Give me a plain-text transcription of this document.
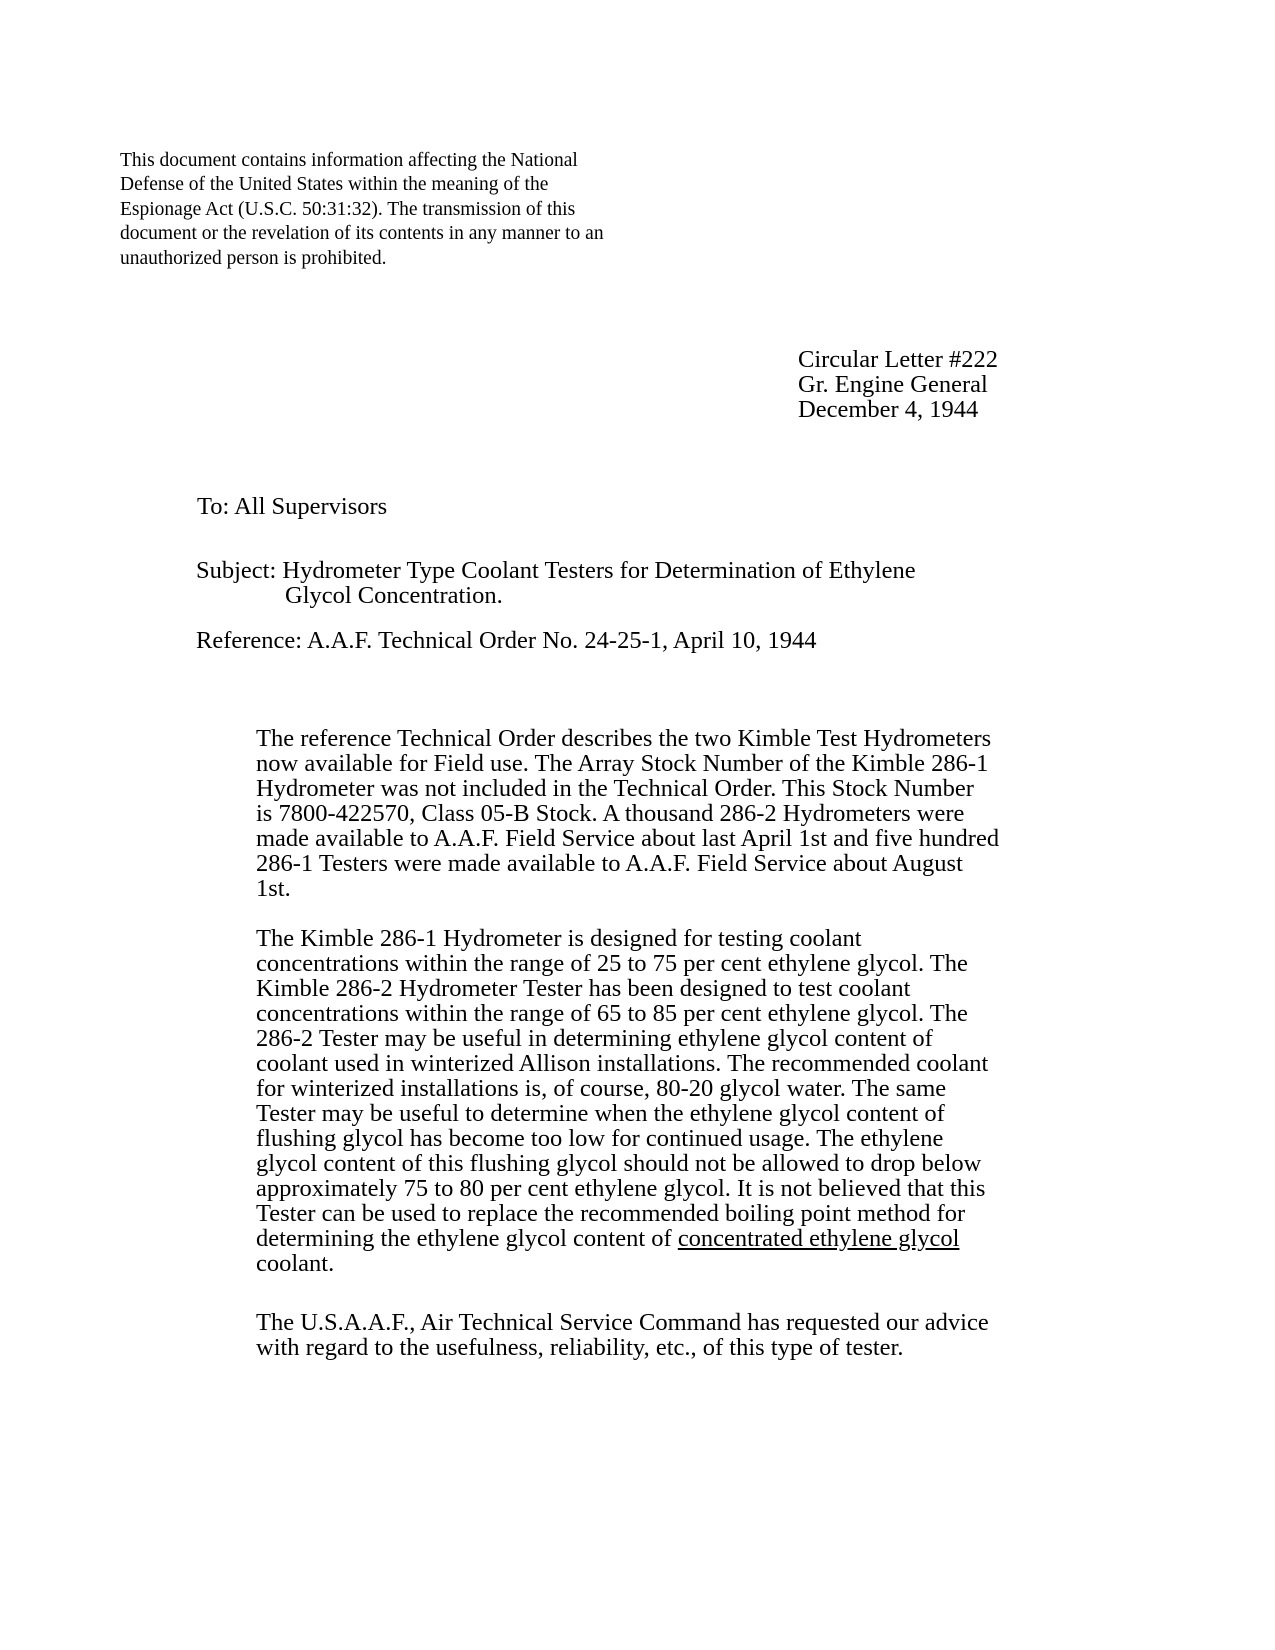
This document contains information affecting the National
Defense of the United States within the meaning of the
Espionage Act (U.S.C. 50:31:32). The transmission of this
document or the revelation of its contents in any manner to an
unauthorized person is prohibited.
Circular Letter #222
Gr. Engine General
December 4, 1944
To: All Supervisors
Subject: Hydrometer Type Coolant Testers for Determination of Ethylene
Glycol Concentration.
Reference: A.A.F. Technical Order No. 24-25-1, April 10, 1944
The reference Technical Order describes the two Kimble Test Hydrometers
now available for Field use. The Array Stock Number of the Kimble 286-1
Hydrometer was not included in the Technical Order. This Stock Number
is 7800-422570, Class 05-B Stock. A thousand 286-2 Hydrometers were
made available to A.A.F. Field Service about last April 1st and five hundred
286-1 Testers were made available to A.A.F. Field Service about August
1st.
The Kimble 286-1 Hydrometer is designed for testing coolant
concentrations within the range of 25 to 75 per cent ethylene glycol. The
Kimble 286-2 Hydrometer Tester has been designed to test coolant
concentrations within the range of 65 to 85 per cent ethylene glycol. The
286-2 Tester may be useful in determining ethylene glycol content of
coolant used in winterized Allison installations. The recommended coolant
for winterized installations is, of course, 80-20 glycol water. The same
Tester may be useful to determine when the ethylene glycol content of
flushing glycol has become too low for continued usage. The ethylene
glycol content of this flushing glycol should not be allowed to drop below
approximately 75 to 80 per cent ethylene glycol. It is not believed that this
Tester can be used to replace the recommended boiling point method for
determining the ethylene glycol content of concentrated ethylene glycol
coolant.
The U.S.A.A.F., Air Technical Service Command has requested our advice
with regard to the usefulness, reliability, etc., of this type of tester.
